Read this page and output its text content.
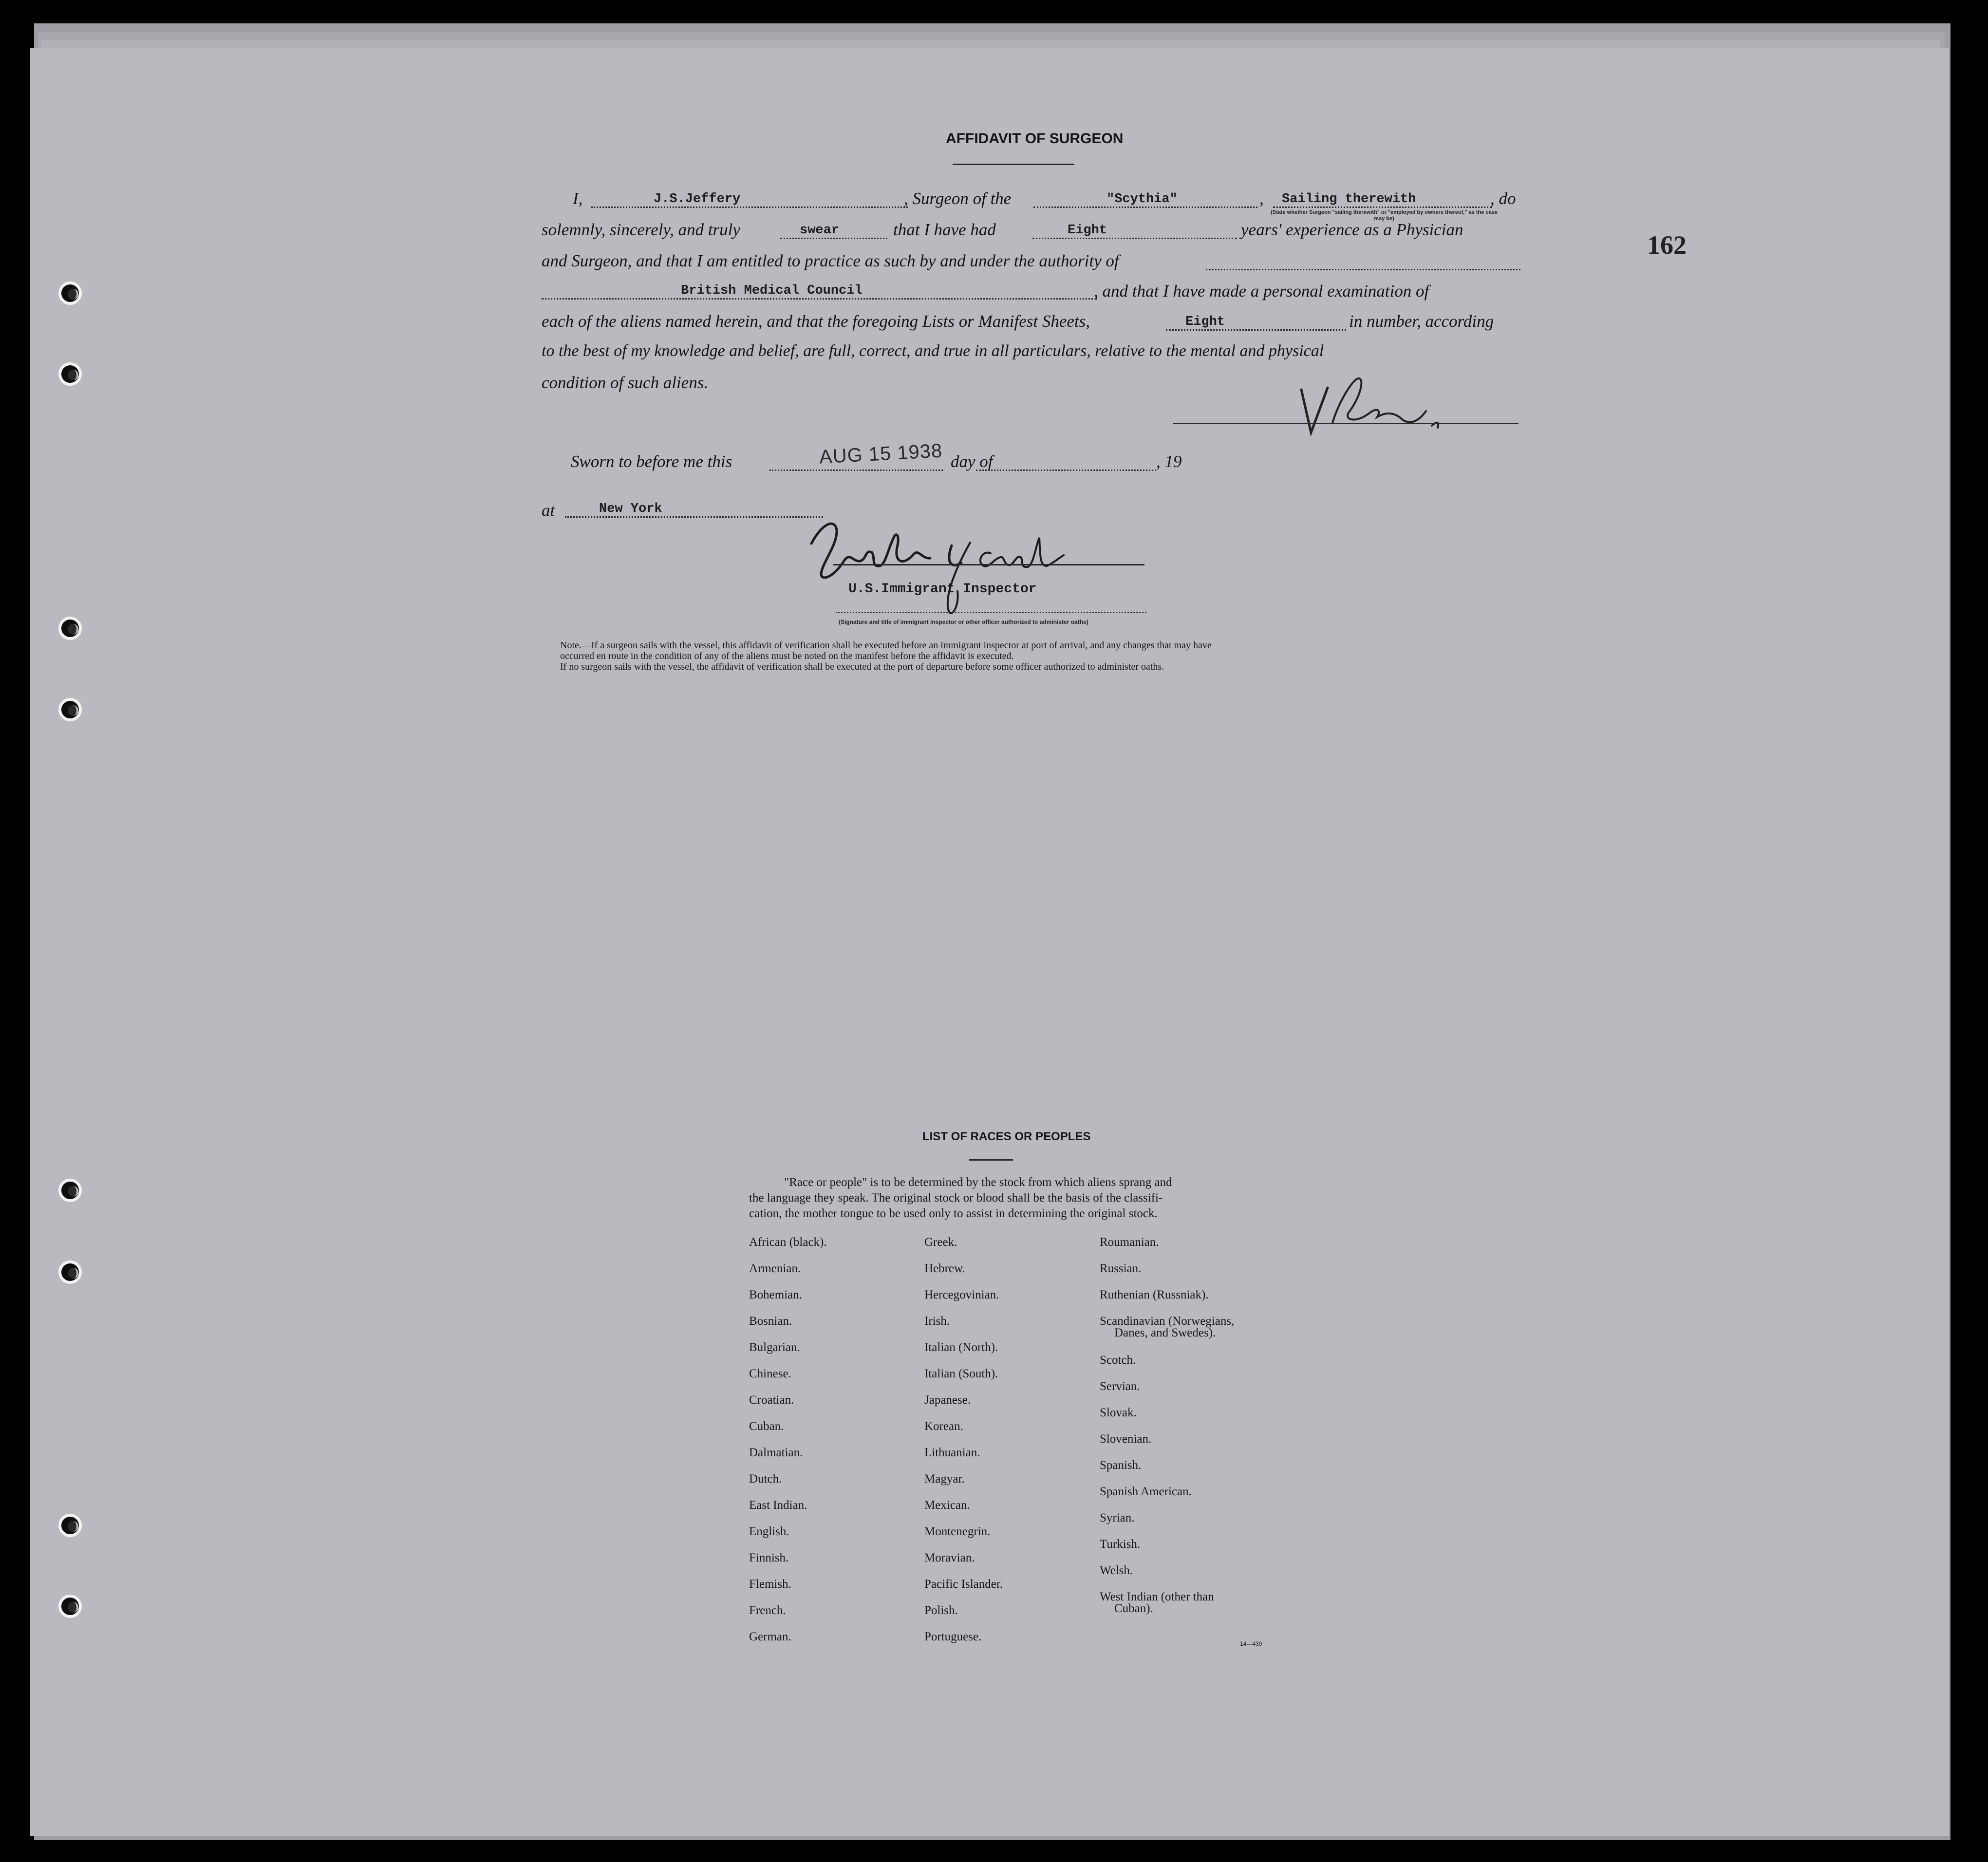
162
AFFIDAVIT OF SURGEON
I,	J.S.Jeffery	, Surgeon of the	"Scythia"	, Sailing therewith	, do
(State whether Surgeon "sailing therewith" or "employed by owners thereof," as the case may be)
solemnly, sincerely, and truly	swear	that I have had	Eight	years' experience as a Physician
and Surgeon, and that I am entitled to practice as such by and under the authority of
British Medical Council	, and that I have made a personal examination of
each of the aliens named herein, and that the foregoing Lists or Manifest Sheets,	Eight	in number, according
to the best of my knowledge and belief, are full, correct, and true in all particulars, relative to the mental and physical
condition of such aliens.
Sworn to before me this	AUG 15 1938 day of	, 19
at	New York
U.S.Immigrant Inspector
(Signature and title of immigrant inspector or other officer authorized to administer oaths)
Note.—If a surgeon sails with the vessel, this affidavit of verification shall be executed before an immigrant inspector at port of arrival, and any changes that may have
occurred en route in the condition of any of the aliens must be noted on the manifest before the affidavit is executed.
If no surgeon sails with the vessel, the affidavit of verification shall be executed at the port of departure before some officer authorized to administer oaths.
LIST OF RACES OR PEOPLES
"Race or people" is to be determined by the stock from which aliens sprang and
the language they speak. The original stock or blood shall be the basis of the classifi-
cation, the mother tongue to be used only to assist in determining the original stock.
African (black).
Armenian.
Bohemian.
Bosnian.
Bulgarian.
Chinese.
Croatian.
Cuban.
Dalmatian.
Dutch.
East Indian.
English.
Finnish.
Flemish.
French.
German.
Greek.
Hebrew.
Hercegovinian.
Irish.
Italian (North).
Italian (South).
Japanese.
Korean.
Lithuanian.
Magyar.
Mexican.
Montenegrin.
Moravian.
Pacific Islander.
Polish.
Portuguese.
Roumanian.
Russian.
Ruthenian (Russniak).
Scandinavian (Norwegians,
Danes, and Swedes).
Scotch.
Servian.
Slovak.
Slovenian.
Spanish.
Spanish American.
Syrian.
Turkish.
Welsh.
West Indian (other than
Cuban).
14—430
